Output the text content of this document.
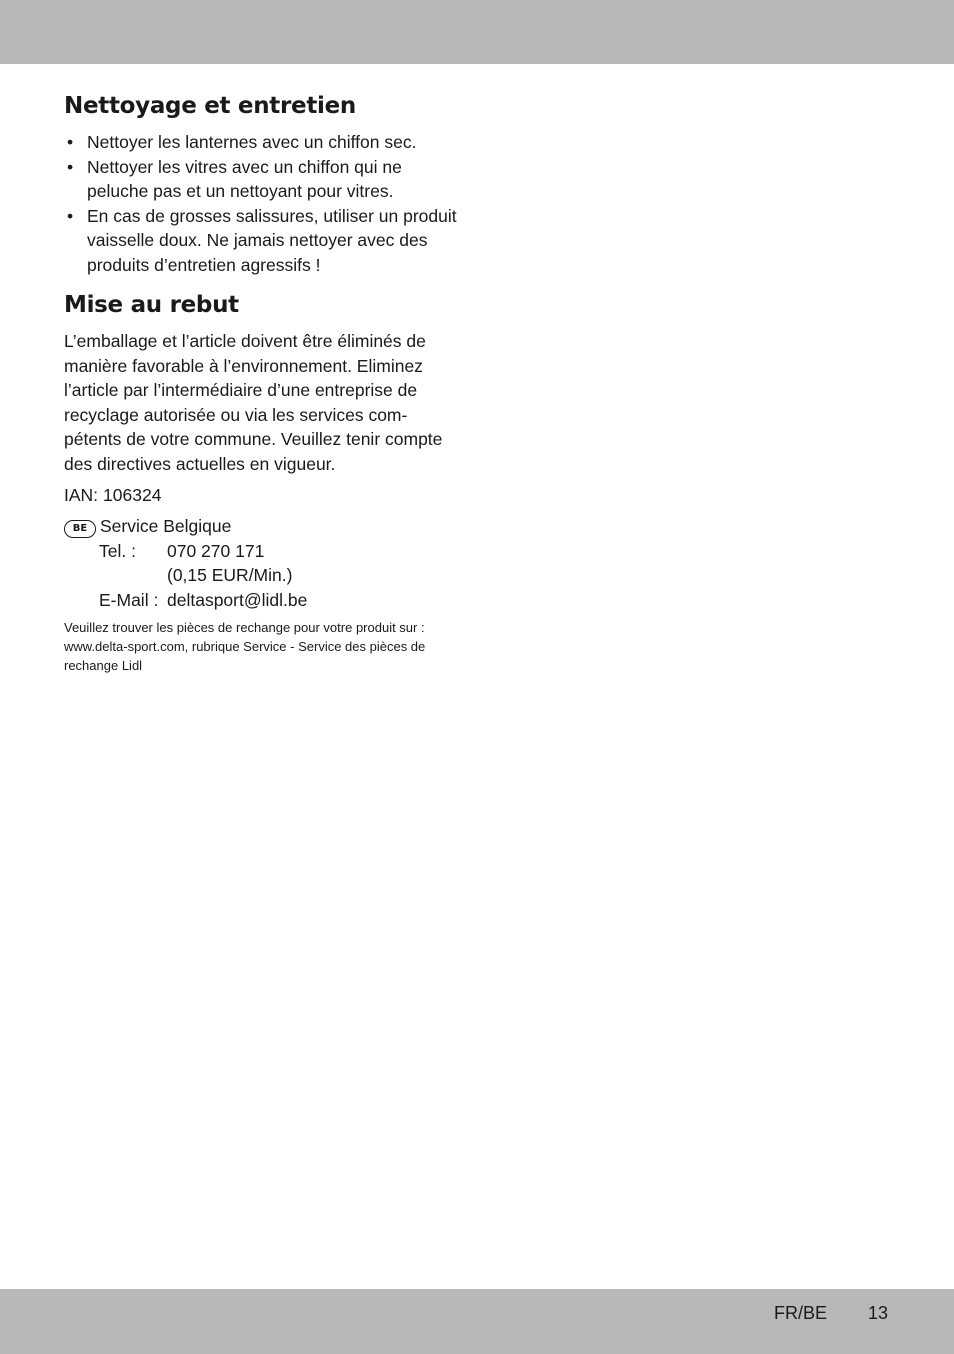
Nettoyage et entretien
• Nettoyer les lanternes avec un chiffon sec.
• Nettoyer les vitres avec un chiffon qui ne peluche pas et un nettoyant pour vitres.
• En cas de grosses salissures, utiliser un produit vaisselle doux. Ne jamais nettoyer avec des produits d’entretien agressifs !
Mise au rebut

L’emballage et l’article doivent être éliminés de manière favorable à l’environnement. Eliminez l’article par l’intermédiaire d’une entreprise de recyclage autorisée ou via les services com-pétents de votre commune. Veuillez tenir compte des directives actuelles en vigueur.

IAN: 106324

BE Service Belgique
Tel. : 070 270 171
(0,15 EUR/Min.)
E-Mail : deltasport@lidl.be

Veuillez trouver les pièces de rechange pour votre produit sur : www.delta-sport.com, rubrique Service - Service des pièces de rechange Lidl

FR/BE 13
